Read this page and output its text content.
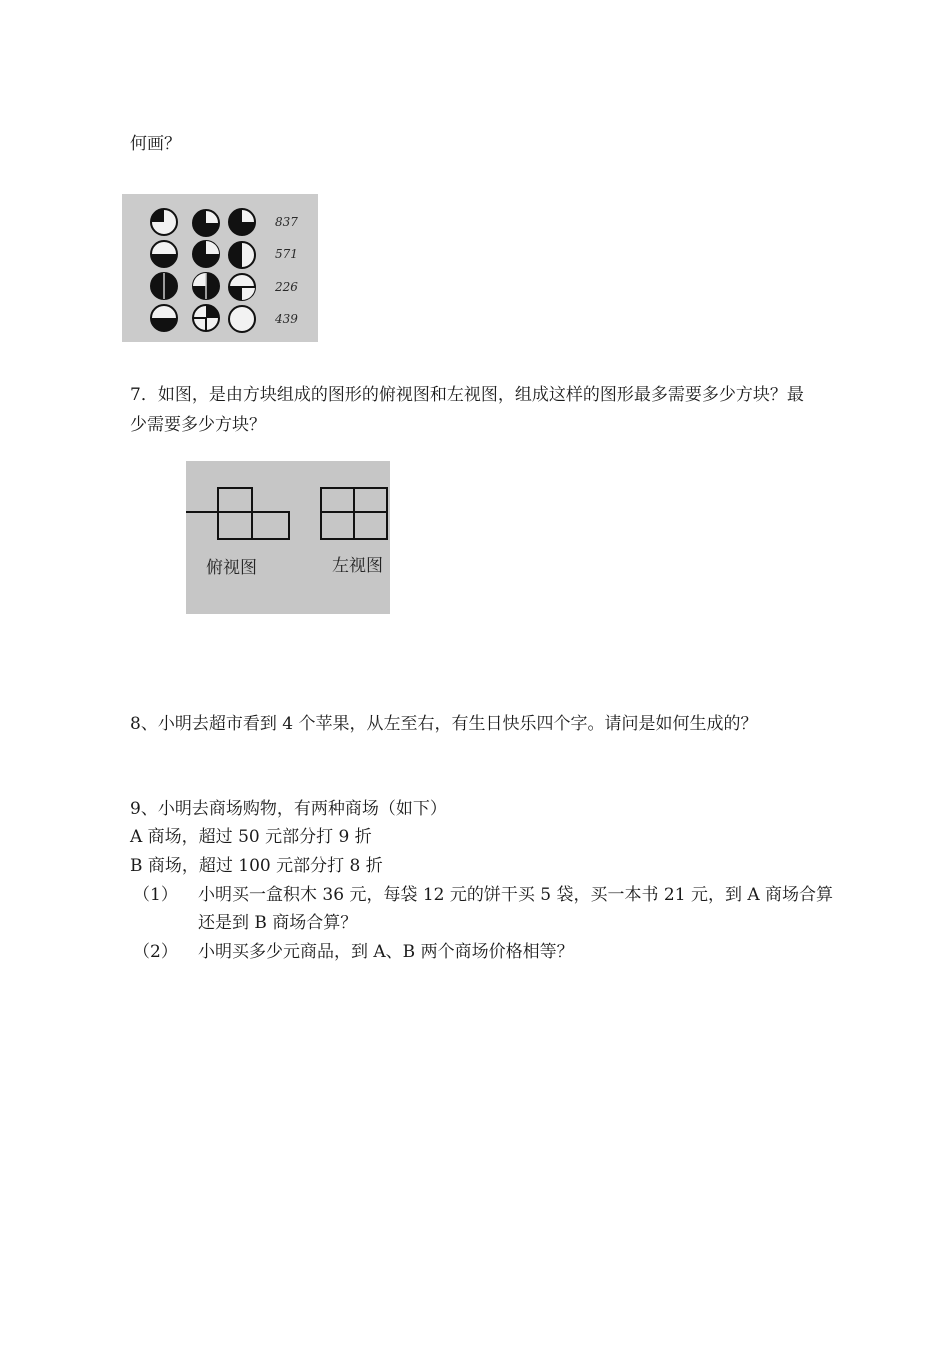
何画？
837
571
226
439
7．如图，是由方块组成的图形的俯视图和左视图，组成这样的图形最多需要多少方块？最
少需要多少方块？
俯视图	左视图
8、小明去超市看到 4 个苹果，从左至右，有生日快乐四个字。请问是如何生成的？
9、小明去商场购物，有两种商场（如下）
A 商场，超过 50 元部分打 9 折
B 商场，超过 100 元部分打 8 折
（1） 小明买一盒积木 36 元，每袋 12 元的饼干买 5 袋，买一本书 21 元，到 A 商场合算
还是到 B 商场合算？
（2） 小明买多少元商品，到 A、B 两个商场价格相等？
